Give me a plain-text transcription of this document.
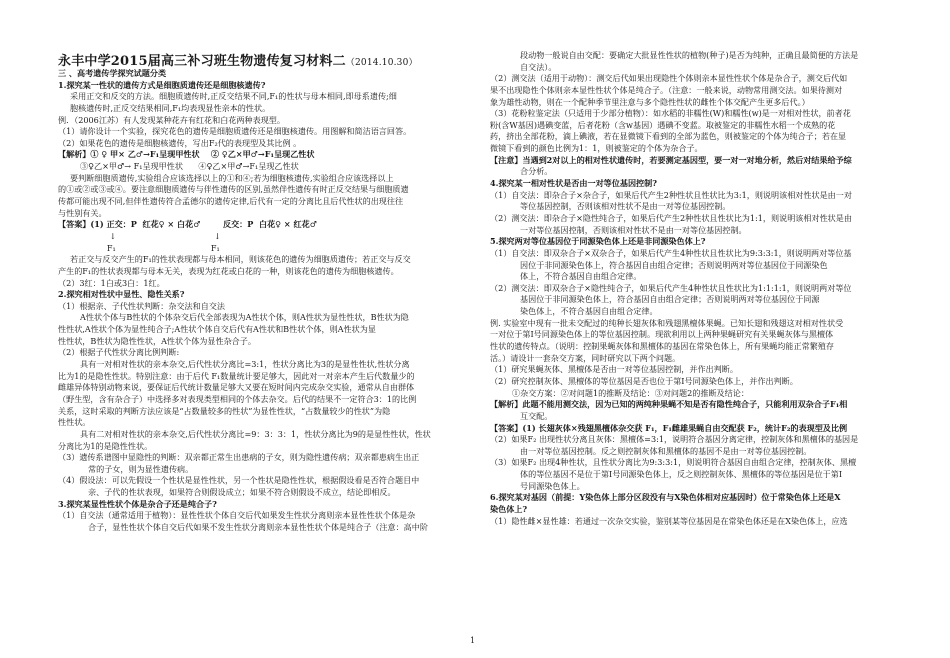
永丰中学2015届高三补习班生物遗传复习材料二（2014.10.30）
三 、高考遗传学探究试题分类
1.探究某一性状的遗传方式是细胞质遗传还是细胞核遗传?
采用正交和反交的方法。细胞质遗传时,正反交结果不同,F₁的性状与母本相同,即母系遗传;细
胞核遗传时,正反交结果相同,F₁均表现显性亲本的性状。
例．（2006江苏）有人发现某种花卉有红花和白花两种表现型。
（1）请你设计一个实验，探究花色的遗传是细胞质遗传还是细胞核遗传。用图解和简洁语言回答。
（2）如果花色的遗传是细胞核遗传，写出F₂代的表现型及其比例 。
【解析】① ♀ 甲× 乙♂→F₁呈现甲性状    ② ♀乙×甲♂→F₁呈现乙性状
③♀乙×甲♂→ F₁呈现甲性状      ④♀乙×甲♂→F₁呈现乙性状
要判断细胞质遗传,实验组合应该选择以上的①和④;若为细胞核遗传,实验组合应该选择以上
的①或②或③或④。要注意细胞质遗传与伴性遗传的区别,虽然伴性遗传有时正反交结果与细胞质遗
传都可能出现不同,但伴性遗传符合孟德尔的遗传定律,后代有一定的分离比且后代性状的出现往往
与性别有关。
【答案】(1) 正交：P  红花♀ × 白花♂        反交：P  白花♀ × 红花♂
↓                                      ↓
F₁                                     F₁
若正交与反交产生的F₁的性状表现都与母本相同，则该花色的遗传为细胞质遗传；若正交与反交
产生的F₁的性状表现都与母本无关，表现为红花或白花的一种，则该花色的遗传为细胞核遗传。
（2）3红：1白或3白：1红。
2.探究相对性状中显性、隐性关系?
（1）根据亲、子代性状判断：杂交法和自交法
A性状个体与B性状的个体杂交后代全部表现为A性状个体，则A性状为显性性状，B性状为隐
性性状,A性状个体为显性纯合子;A性状个体自交后代有A性状和B性状个体，则A性状为显
性性状，B性状为隐性性状，A性状个体为显性杂合子。
（2）根据子代性状分离比例判断:
具有一对相对性状的亲本杂交,后代性状分离比=3:1，性状分离比为3的是显性性状,性状分离
比为1的是隐性性状。特别注意：由于后代 F₁数量统计要足够大，因此对一对亲本产生后代数量少的
雌雄异体特别动物来说，要保证后代统计数量足够大又要在短时间内完成杂交实验，通常从自由群体
（野生型，含有杂合子）中选择多对表现类型相同的个体去杂交。后代的结果不一定符合3：1的比例
关系，这时采取的判断方法应该是“占数量较多的性状”为显性性状，“占数量较少的性状”为隐
性性状。
具有二对相对性状的亲本杂交,后代性状分离比=9：3：3：1，性状分离比为9的是显性性状，性状
分离比为1的是隐性性状。
（3）遗传系谱图中显隐性的判断：双亲都正常生出患病的子女，则为隐性遗传病；双亲都患病生出正
常的子女，则为显性遗传病。
（4）假设法：可以先假设一个性状是显性性状，另一个性状是隐性性状，根据假设看是否符合题目中
亲、子代的性状表现，如果符合则假设成立；如果不符合则假设不成立，结论即相反。
3.探究某显性性状个体是杂合子还是纯合子?
（1）自交法（通常适用于植物）：显性性状个体自交后代如果发生性状分离则亲本显性性状个体是杂
合子，显性性状个体自交后代如果不发生性状分离则亲本显性性状个体是纯合子（注意：高中阶
段动物一般说自由交配：要确定大批显性性状的植物(种子)是否为纯种，正确且最简便的方法是
自交法）。
（2）测交法（适用于动物）：测交后代如果出现隐性个体则亲本显性性状个体是杂合子，测交后代如
果不出现隐性个体则亲本显性性状个体是纯合子。（注意：一般来说，动物常用测交法。如果待测对
象为雄性动物，则在一个配种季节里注意与多个隐性性状的雌性个体交配产生更多后代。）
（3）花粉粒鉴定法（只适用于少部分植物）：如水稻的非糯性(W)和糯性(w)是一对相对性状，前者花
粉(含W基因)遇碘变蓝，后者花粉（含w基因）遇碘不变蓝。取被鉴定的非糯性水稻一个成熟的花
药，挤出全部花粉，滴上碘液，若在显微镜下看到的全部为蓝色，则被鉴定的个体为纯合子；若在显
微镜下看到的颜色比例为1：1，则被鉴定的个体为杂合子。
【注意】当遇到2对以上的相对性状遗传时，若要测定基因型，要一对一对地分析，然后对结果给予综
合分析。
4.探究某一相对性状是否由一对等位基因控制?
（1）自交法：即杂合子×杂合子，如果后代产生2种性状且性状比为3:1，则说明该相对性状是由一对
等位基因控制，否则该相对性状不是由一对等位基因控制。
（2）测交法：即杂合子×隐性纯合子，如果后代产生2种性状且性状比为1:1，则说明该相对性状是由
一对等位基因控制，否则该相对性状不是由一对等位基因控制。
5.探究两对等位基因位于同源染色体上还是非同源染色体上?
（1）自交法：即双杂合子×双杂合子，如果后代产生4种性状且性状比为9:3:3:1，则说明两对等位基
因位于非同源染色体上，符合基因自由组合定律；否则说明两对等位基因位于同源染色
体上，不符合基因自由组合定律。
（2）测交法：即双杂合子×隐性纯合子，如果后代产生4种性状且性状比为1:1:1:1，则说明两对等位
基因位于非同源染色体上，符合基因自由组合定律；否则说明两对等位基因位于同源
染色体上，不符合基因自由组合定律。
例. 实验室中现有一批未交配过的纯种长翅灰体和残翅黑檀体果蝇。已知长翅和残翅这对相对性状受
一对位于第Ⅰ号同源染色体上的等位基因控制。现欲利用以上两种果蝇研究有关果蝇灰体与黑檀体
性状的遗传特点。（说明：控制果蝇灰体和黑檀体的基因在常染色体上，所有果蝇均能正常繁殖存
活。）请设计一套杂交方案，同时研究以下两个问题。
（1）研究果蝇灰体、黑檀体是否由一对等位基因控制，并作出判断。
（2）研究控制灰体、黑檀体的等位基因是否也位于第Ⅰ号同源染色体上，并作出判断。
①杂交方案：②对问题1的推断及结论：③对问题2的推断及结论：
【解析】此题不能用测交法，因为已知的两纯种果蝇不知是否有隐性纯合子，只能利用双杂合子F₁相
互交配。
【答案】(1) 长翅灰体×残翅黑檀体杂交获 F₁，F₁雌雄果蝇自由交配获 F₂，统计F₂的表现型及比例
（2）如果F₂ 出现性状分离且灰体：黑檀体=3:1，说明符合基因分离定律，控制灰体和黑檀体的基因是
由一对等位基因控制。反之则控制灰体和黑檀体的基因不是由一对等位基因控制。
（3）如果F₂ 出现4种性状，且性状分离比为9:3:3:1，则说明符合基因自由组合定律，控制灰体、黑檀
体的等位基因不是位于第Ⅰ号同源染色体上，反之则控制灰体、黑檀体的等位基因是位于第Ⅰ
号同源染色体上。
6.探究某对基因（前提：Y染色体上部分区段没有与X染色体相对应基因时）位于常染色体上还是X
染色体上?
（1）隐性雌×显性雄：若通过一次杂交实验，鉴别某等位基因是在常染色体还是在X染色体上，应选
1
